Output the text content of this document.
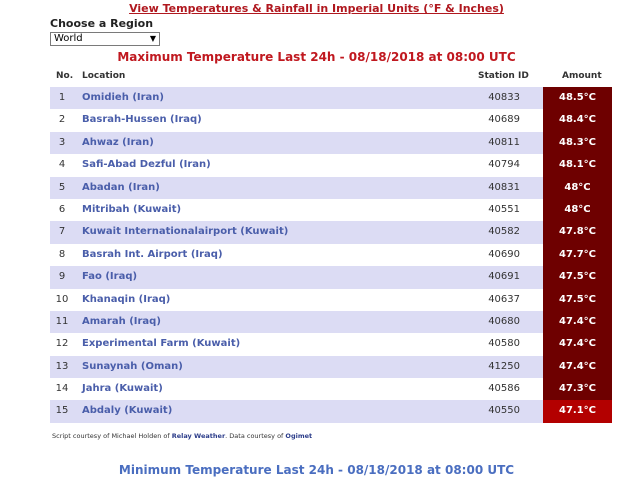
View Temperatures & Rainfall in Imperial Units (°F & Inches)
Choose a Region
World	▼
Maximum Temperature Last 24h - 08/18/2018 at 08:00 UTC
No. Location	Station ID	Amount
1	Omidieh (Iran)	40833	48.5°C
2	Basrah-Hussen (Iraq)	40689	48.4°C
3	Ahwaz (Iran)	40811	48.3°C
4	Safi-Abad Dezful (Iran)	40794	48.1°C
5	Abadan (Iran)	40831	48°C
6	Mitribah (Kuwait)	40551	48°C
7	Kuwait Internationalairport (Kuwait)	40582	47.8°C
8	Basrah Int. Airport (Iraq)	40690	47.7°C
9	Fao (Iraq)	40691	47.5°C
10	Khanaqin (Iraq)	40637	47.5°C
11	Amarah (Iraq)	40680	47.4°C
12	Experimental Farm (Kuwait)	40580	47.4°C
13	Sunaynah (Oman)	41250	47.4°C
14	Jahra (Kuwait)	40586	47.3°C
15	Abdaly (Kuwait)	40550	47.1°C
Script courtesy of Michael Holden of Relay Weather. Data courtesy of Ogimet
Minimum Temperature Last 24h - 08/18/2018 at 08:00 UTC
